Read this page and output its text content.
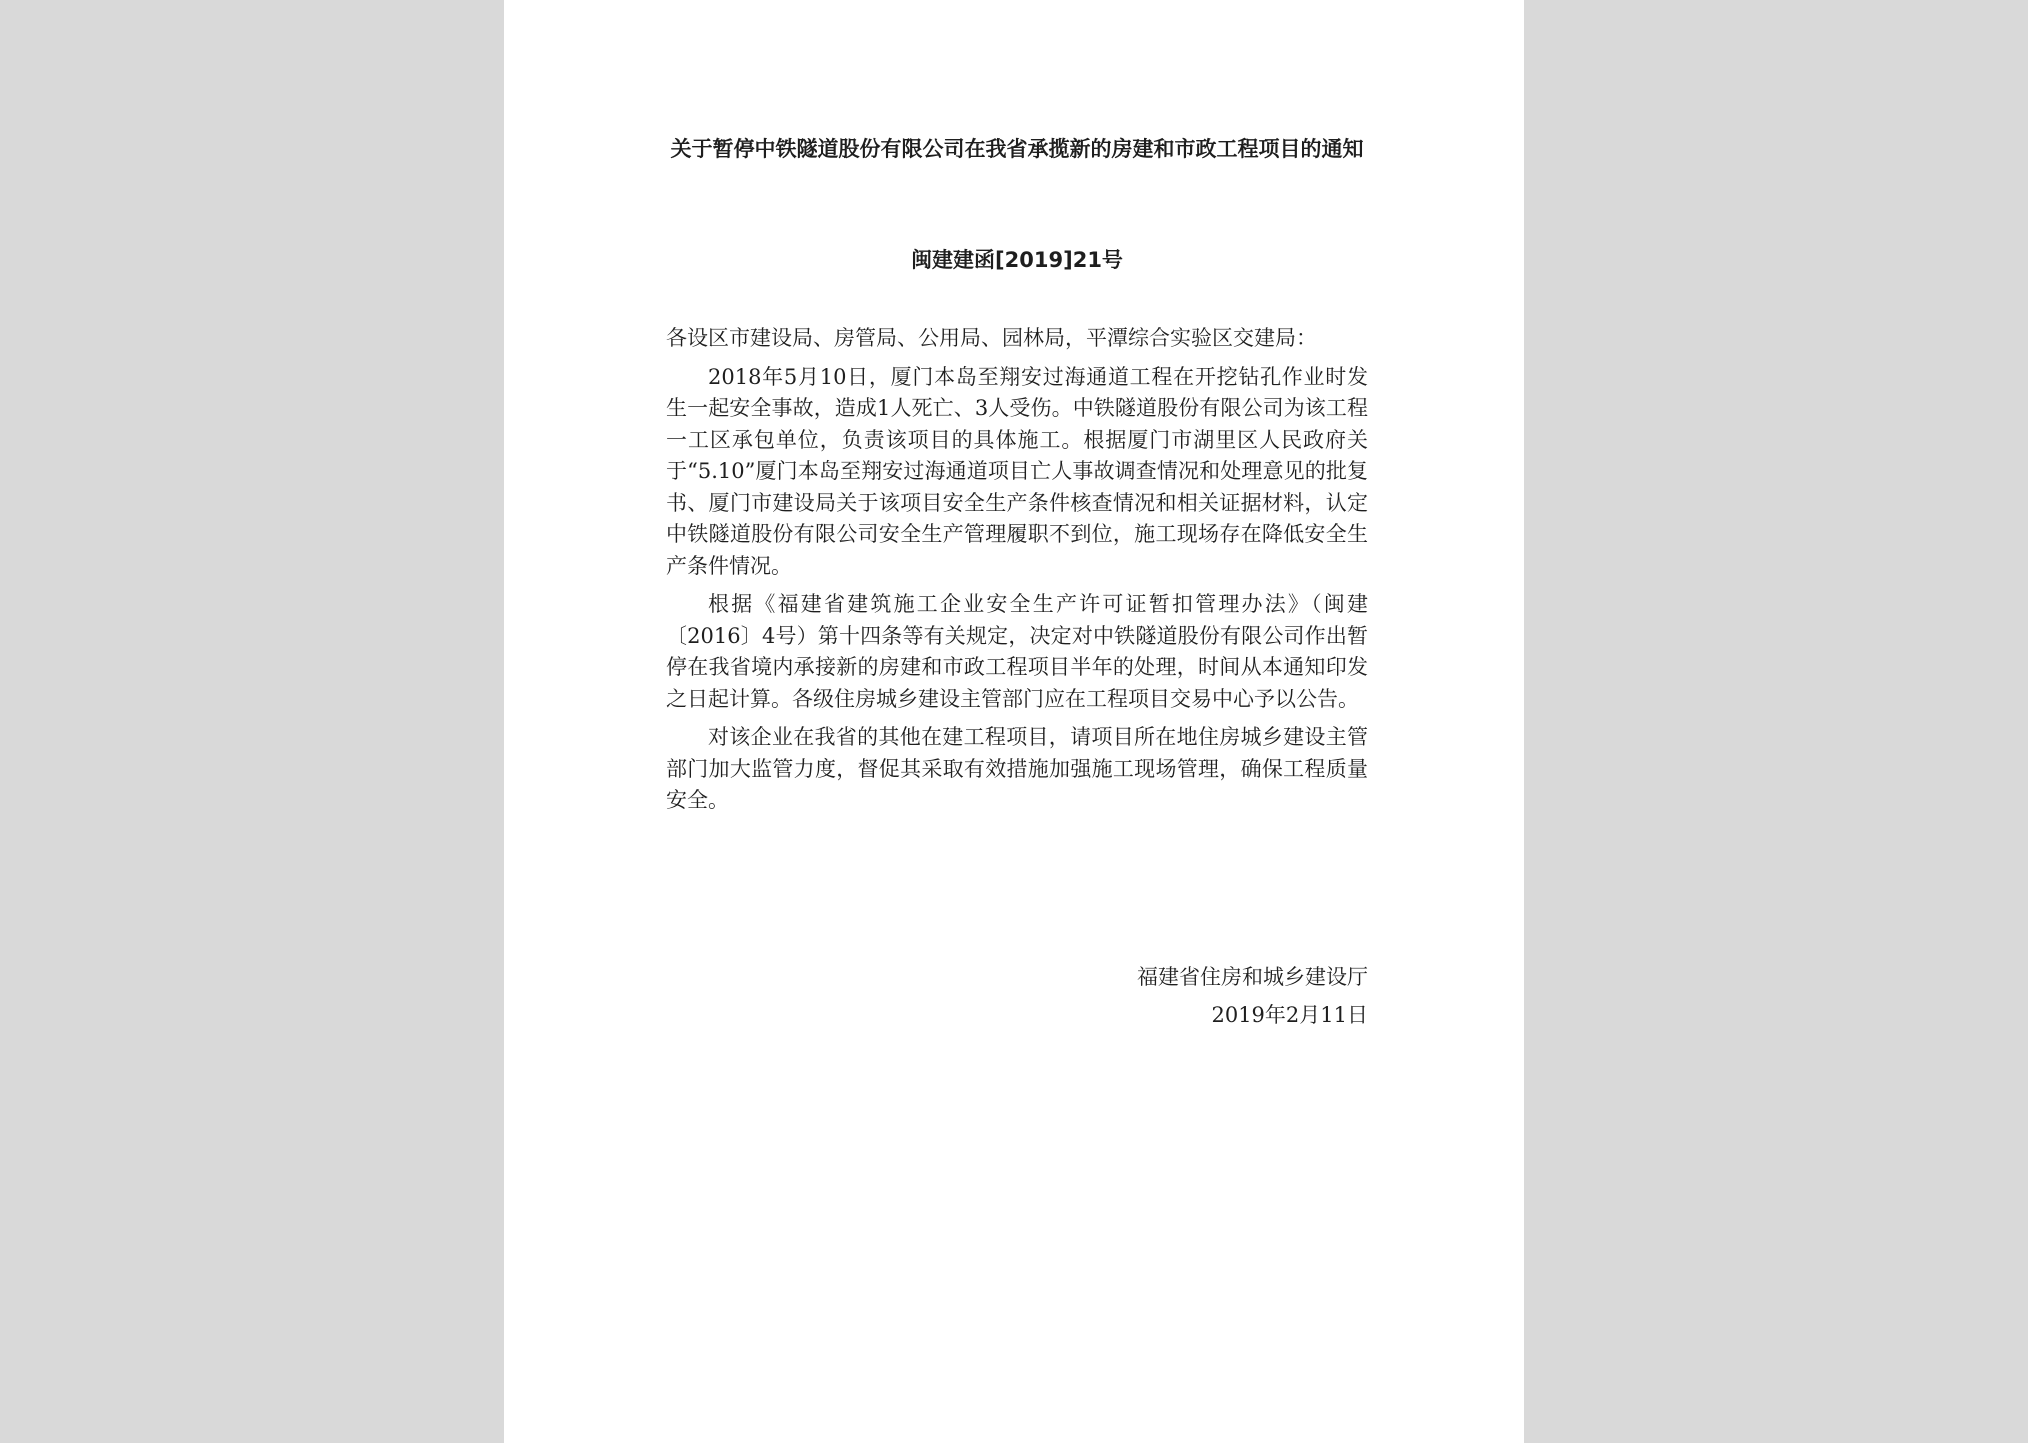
关于暂停中铁隧道股份有限公司在我省承揽新的房建和市政工程项目的通知
闽建建函[2019]21号

各设区市建设局、房管局、公用局、园林局，平潭综合实验区交建局：

2018年5月10日，厦门本岛至翔安过海通道工程在开挖钻孔作业时发生一起安全事故，造成1人死亡、3人受伤。中铁隧道股份有限公司为该工程一工区承包单位，负责该项目的具体施工。根据厦门市湖里区人民政府关于“5.10”厦门本岛至翔安过海通道项目亡人事故调查情况和处理意见的批复书、厦门市建设局关于该项目安全生产条件核查情况和相关证据材料，认定中铁隧道股份有限公司安全生产管理履职不到位，施工现场存在降低安全生产条件情况。

根据《福建省建筑施工企业安全生产许可证暂扣管理办法》（闽建〔2016〕4号）第十四条等有关规定，决定对中铁隧道股份有限公司作出暂停在我省境内承接新的房建和市政工程项目半年的处理，时间从本通知印发之日起计算。各级住房城乡建设主管部门应在工程项目交易中心予以公告。

对该企业在我省的其他在建工程项目，请项目所在地住房城乡建设主管部门加大监管力度，督促其采取有效措施加强施工现场管理，确保工程质量安全。

福建省住房和城乡建设厅
2019年2月11日
